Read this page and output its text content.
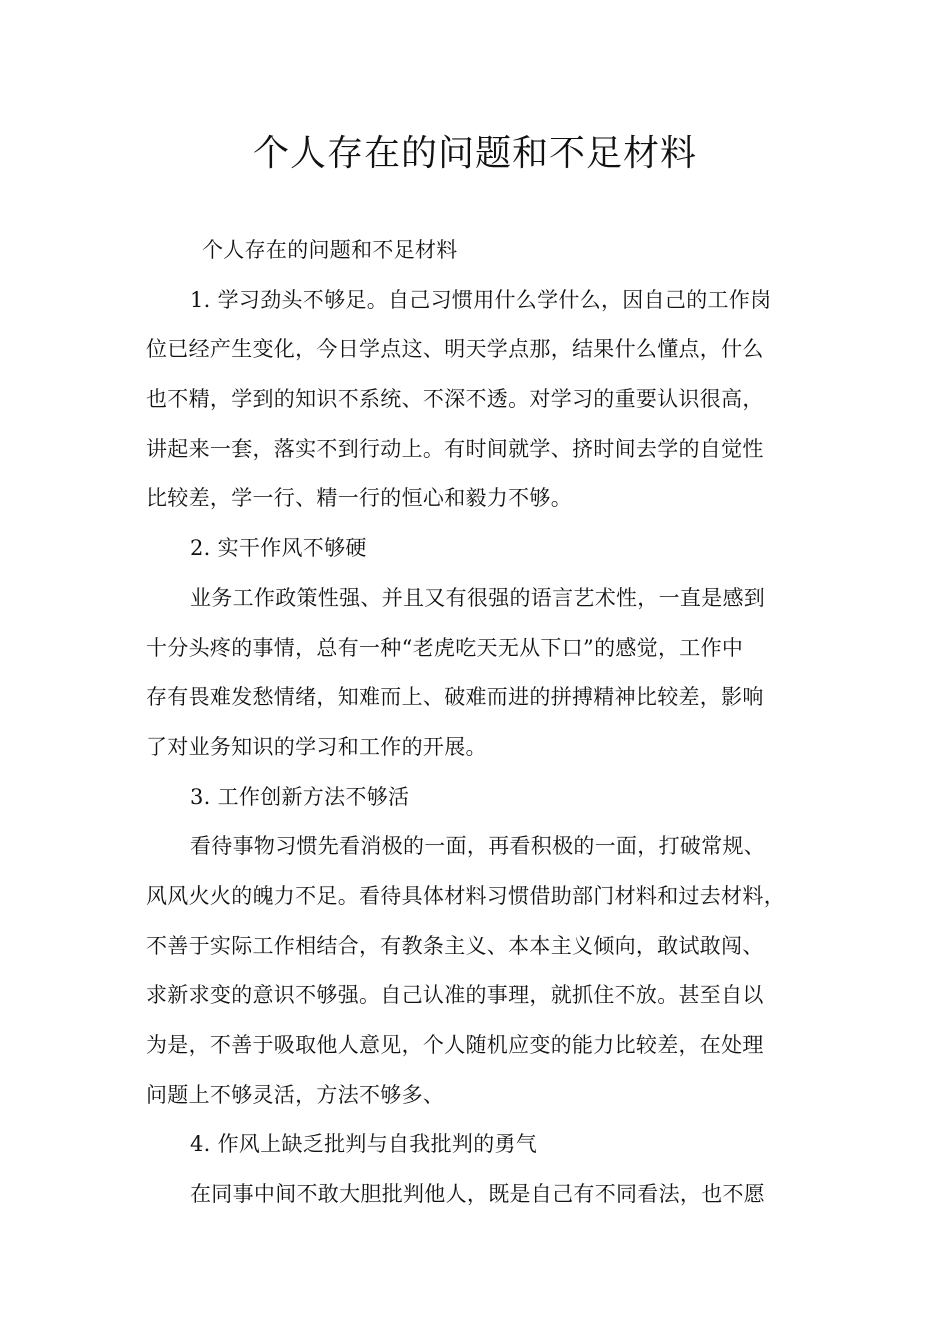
个人存在的问题和不足材料
个人存在的问题和不足材料
1. 学习劲头不够足。自己习惯用什么学什么，因自己的工作岗
位已经产生变化，今日学点这、明天学点那，结果什么懂点，什么
也不精，学到的知识不系统、不深不透。对学习的重要认识很高，
讲起来一套，落实不到行动上。有时间就学、挤时间去学的自觉性
比较差，学一行、精一行的恒心和毅力不够。
2. 实干作风不够硬
业务工作政策性强、并且又有很强的语言艺术性，一直是感到
十分头疼的事情，总有一种“老虎吃天无从下口”的感觉，工作中
存有畏难发愁情绪，知难而上、破难而进的拼搏精神比较差，影响
了对业务知识的学习和工作的开展。
3. 工作创新方法不够活
看待事物习惯先看消极的一面，再看积极的一面，打破常规、
风风火火的魄力不足。看待具体材料习惯借助部门材料和过去材料，
不善于实际工作相结合，有教条主义、本本主义倾向，敢试敢闯、
求新求变的意识不够强。自己认准的事理，就抓住不放。甚至自以
为是，不善于吸取他人意见，个人随机应变的能力比较差，在处理
问题上不够灵活，方法不够多、
4. 作风上缺乏批判与自我批判的勇气
在同事中间不敢大胆批判他人，既是自己有不同看法，也不愿
